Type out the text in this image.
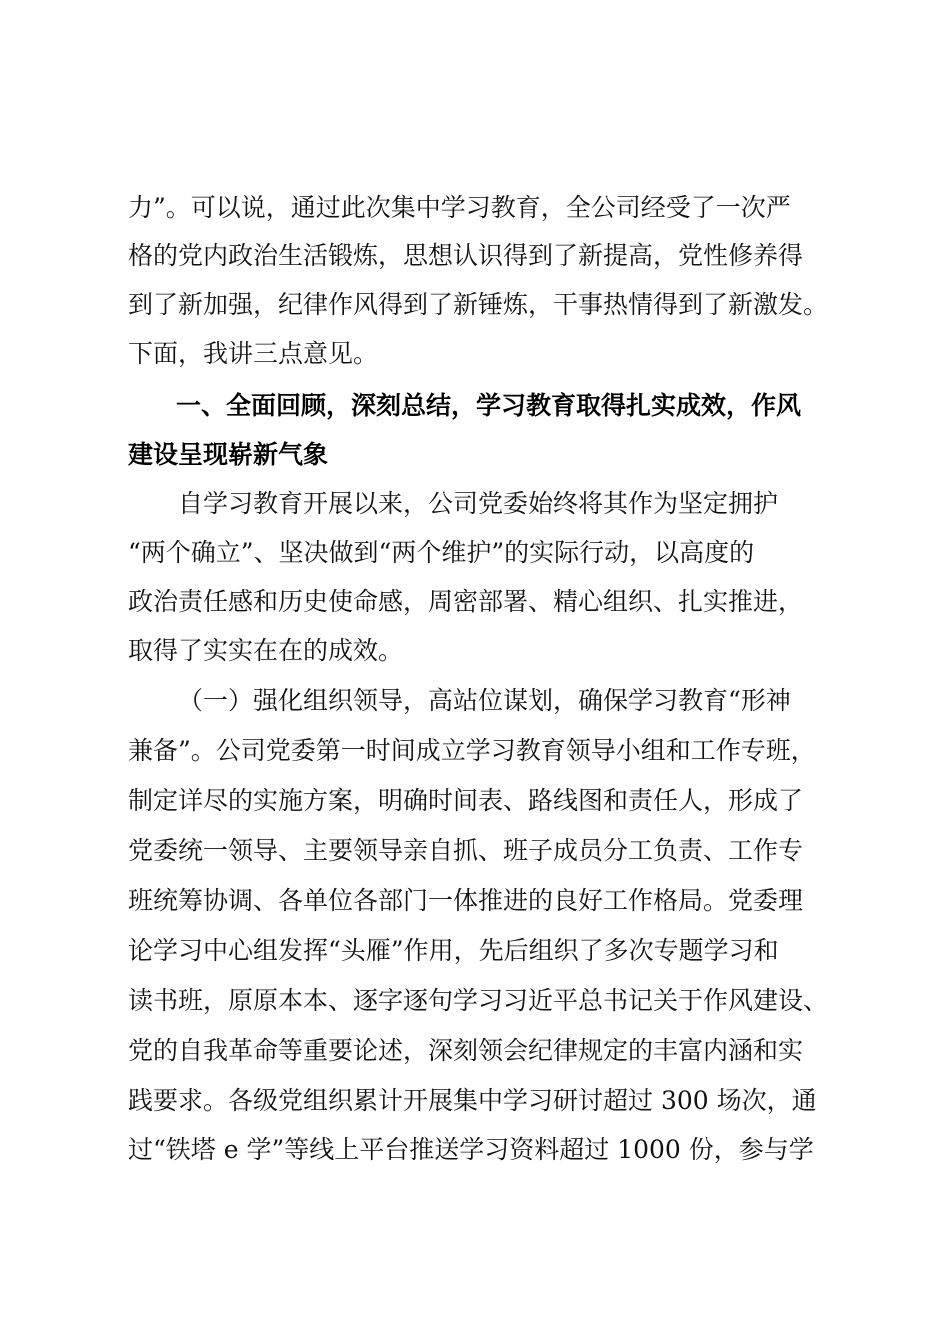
力”。可以说，通过此次集中学习教育，全公司经受了一次严
格的党内政治生活锻炼，思想认识得到了新提高，党性修养得
到了新加强，纪律作风得到了新锤炼，干事热情得到了新激发。
下面，我讲三点意见。
一、全面回顾，深刻总结，学习教育取得扎实成效，作风
建设呈现崭新气象
自学习教育开展以来，公司党委始终将其作为坚定拥护
“两个确立”、坚决做到“两个维护”的实际行动，以高度的
政治责任感和历史使命感，周密部署、精心组织、扎实推进，
取得了实实在在的成效。
（一）强化组织领导，高站位谋划，确保学习教育“形神
兼备”。公司党委第一时间成立学习教育领导小组和工作专班，
制定详尽的实施方案，明确时间表、路线图和责任人，形成了
党委统一领导、主要领导亲自抓、班子成员分工负责、工作专
班统筹协调、各单位各部门一体推进的良好工作格局。党委理
论学习中心组发挥“头雁”作用，先后组织了多次专题学习和
读书班，原原本本、逐字逐句学习习近平总书记关于作风建设、
党的自我革命等重要论述，深刻领会纪律规定的丰富内涵和实
践要求。各级党组织累计开展集中学习研讨超过 300 场次，通
过“铁塔 e 学”等线上平台推送学习资料超过 1000 份，参与学
